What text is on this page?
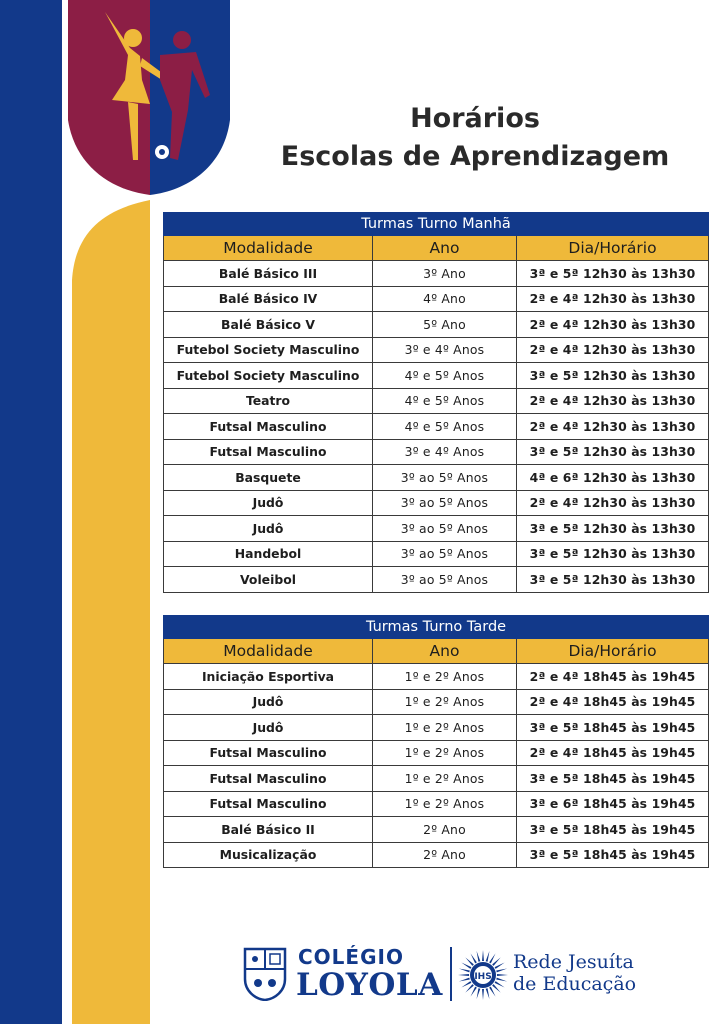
Horários
Escolas de Aprendizagem
Turmas Turno Manhã		
Modalidade	Ano	Dia/Horário
Balé Básico III	3º Ano	3ª e 5ª 12h30 às 13h30
Balé Básico IV	4º Ano	2ª e 4ª 12h30 às 13h30
Balé Básico V	5º Ano	2ª e 4ª 12h30 às 13h30
Futebol Society Masculino	3º e 4º Anos	2ª e 4ª 12h30 às 13h30
Futebol Society Masculino	4º e 5º Anos	3ª e 5ª 12h30 às 13h30
Teatro	4º e 5º Anos	2ª e 4ª 12h30 às 13h30
Futsal Masculino	4º e 5º Anos	2ª e 4ª 12h30 às 13h30
Futsal Masculino	3º e 4º Anos	3ª e 5ª 12h30 às 13h30
Basquete	3º ao 5º Anos	4ª e 6ª 12h30 às 13h30
Judô	3º ao 5º Anos	2ª e 4ª 12h30 às 13h30
Judô	3º ao 5º Anos	3ª e 5ª 12h30 às 13h30
Handebol	3º ao 5º Anos	3ª e 5ª 12h30 às 13h30
Voleibol	3º ao 5º Anos	3ª e 5ª 12h30 às 13h30
Turmas Turno Tarde		
Modalidade	Ano	Dia/Horário
Iniciação Esportiva	1º e 2º Anos	2ª e 4ª 18h45 às 19h45
Judô	1º e 2º Anos	2ª e 4ª 18h45 às 19h45
Judô	1º e 2º Anos	3ª e 5ª 18h45 às 19h45
Futsal Masculino	1º e 2º Anos	2ª e 4ª 18h45 às 19h45
Futsal Masculino	1º e 2º Anos	3ª e 5ª 18h45 às 19h45
Futsal Masculino	1º e 2º Anos	3ª e 6ª 18h45 às 19h45
Balé Básico II	2º Ano	3ª e 5ª 18h45 às 19h45
Musicalização	2º Ano	3ª e 5ª 18h45 às 19h45
COLÉGIO
LOYOLA	IHS
Rede Jesuíta
de Educação
